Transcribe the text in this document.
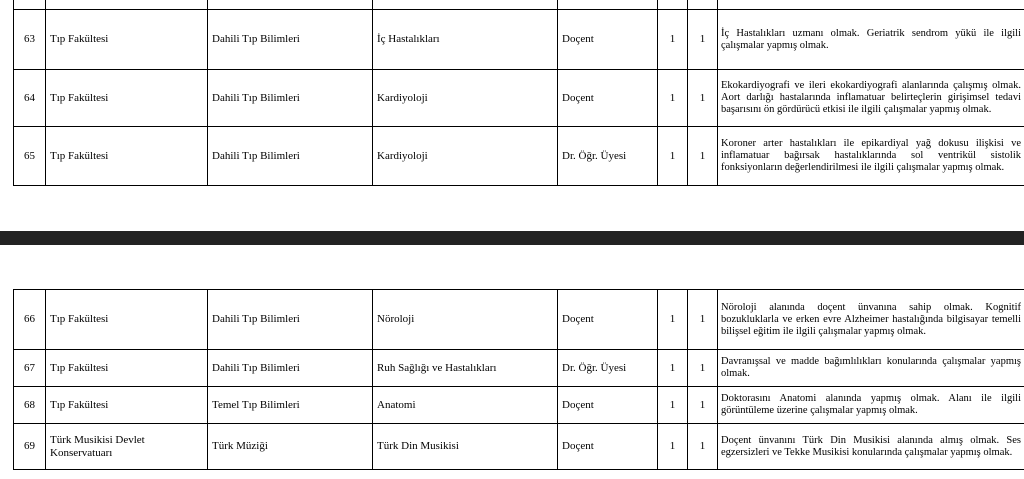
63	Tıp Fakültesi	Dahili Tıp Bilimleri	İç Hastalıkları	Doçent	1	1	İç Hastalıkları uzmanı olmak. Geriatrik sendrom yükü ile ilgili çalışmalar yapmış olmak.
64	Tıp Fakültesi	Dahili Tıp Bilimleri	Kardiyoloji	Doçent	1	1	Ekokardiyografi ve ileri ekokardiyografi alanlarında çalışmış olmak. Aort darlığı hastalarında inflamatuar belirteçlerin girişimsel tedavi başarısını ön gördürücü etkisi ile ilgili çalışmalar yapmış olmak.
65	Tıp Fakültesi	Dahili Tıp Bilimleri	Kardiyoloji	Dr. Öğr. Üyesi	1	1	Koroner arter hastalıkları ile epikardiyal yağ dokusu ilişkisi ve inflamatuar bağırsak hastalıklarında sol ventrikül sistolik fonksiyonların değerlendirilmesi ile ilgili çalışmalar yapmış olmak.
66	Tıp Fakültesi	Dahili Tıp Bilimleri	Nöroloji	Doçent	1	1	Nöroloji alanında doçent ünvanına sahip olmak. Kognitif bozukluklarla ve erken evre Alzheimer hastalığında bilgisayar temelli bilişsel eğitim ile ilgili çalışmalar yapmış olmak.
67	Tıp Fakültesi	Dahili Tıp Bilimleri	Ruh Sağlığı ve Hastalıkları	Dr. Öğr. Üyesi	1	1	Davranışsal ve madde bağımlılıkları konularında çalışmalar yapmış olmak.
68	Tıp Fakültesi	Temel Tıp Bilimleri	Anatomi	Doçent	1	1	Doktorasını Anatomi alanında yapmış olmak. Alanı ile ilgili görüntüleme üzerine çalışmalar yapmış olmak.
69	Türk Musikisi Devlet Konservatuarı	Türk Müziği	Türk Din Musikisi	Doçent	1	1	Doçent ünvanını Türk Din Musikisi alanında almış olmak. Ses egzersizleri ve Tekke Musikisi konularında çalışmalar yapmış olmak.
